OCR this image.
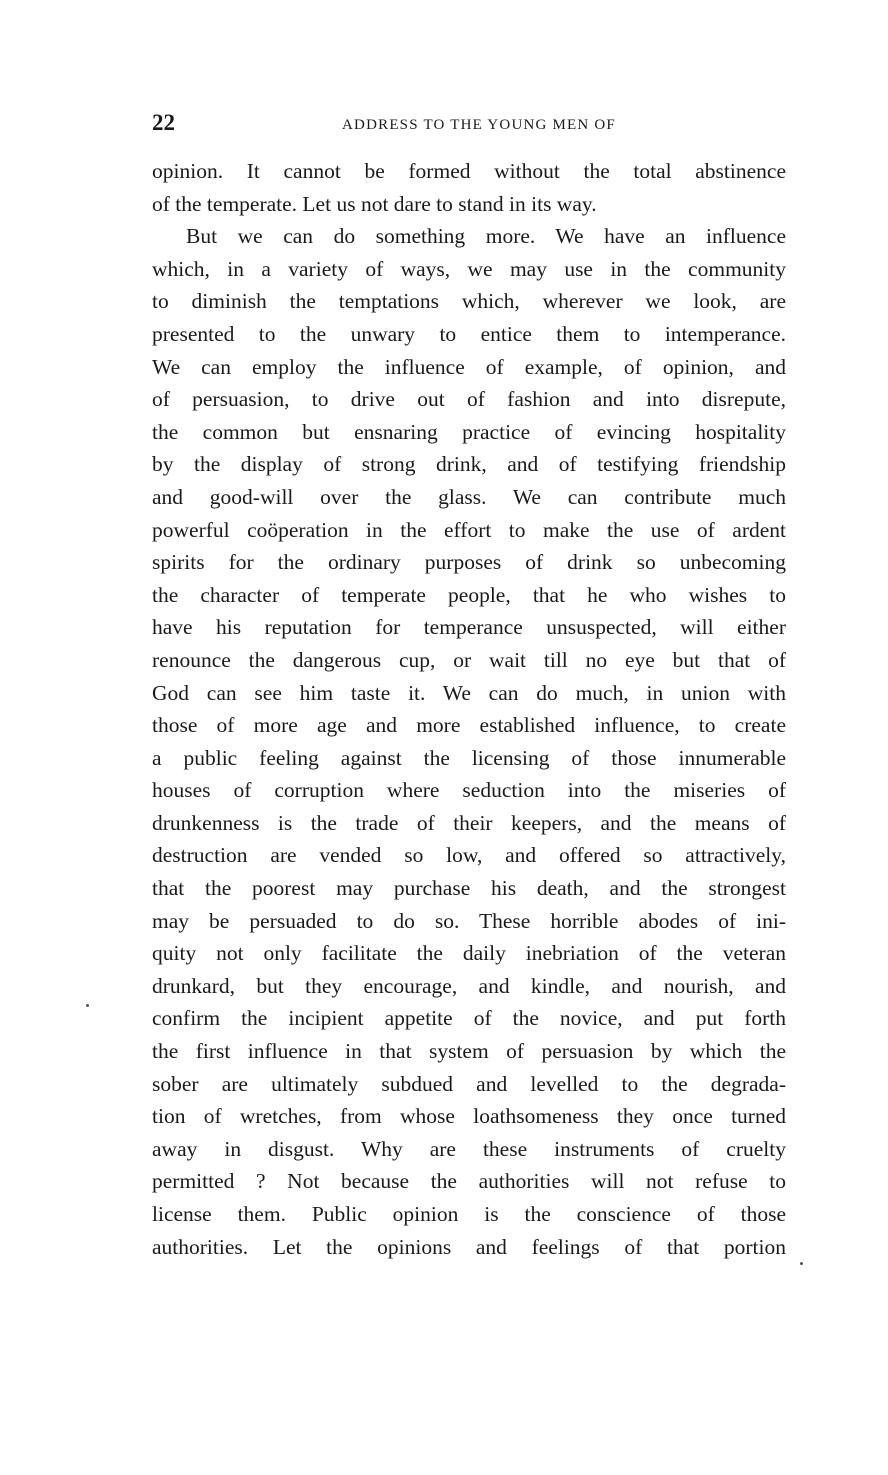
22	ADDRESS TO THE YOUNG MEN OF
opinion. It cannot be formed without the total abstinence
of the temperate. Let us not dare to stand in its way.
But we can do something more. We have an influence
which, in a variety of ways, we may use in the community
to diminish the temptations which, wherever we look, are
presented to the unwary to entice them to intemperance.
We can employ the influence of example, of opinion, and
of persuasion, to drive out of fashion and into disrepute,
the common but ensnaring practice of evincing hospitality
by the display of strong drink, and of testifying friendship
and good-will over the glass. We can contribute much
powerful coöperation in the effort to make the use of ardent
spirits for the ordinary purposes of drink so unbecoming
the character of temperate people, that he who wishes to
have his reputation for temperance unsuspected, will either
renounce the dangerous cup, or wait till no eye but that of
God can see him taste it. We can do much, in union with
those of more age and more established influence, to create
a public feeling against the licensing of those innumerable
houses of corruption where seduction into the miseries of
drunkenness is the trade of their keepers, and the means of
destruction are vended so low, and offered so attractively,
that the poorest may purchase his death, and the strongest
may be persuaded to do so. These horrible abodes of ini-
quity not only facilitate the daily inebriation of the veteran
drunkard, but they encourage, and kindle, and nourish, and
confirm the incipient appetite of the novice, and put forth
the first influence in that system of persuasion by which the
sober are ultimately subdued and levelled to the degrada-
tion of wretches, from whose loathsomeness they once turned
away in disgust. Why are these instruments of cruelty
permitted ? Not because the authorities will not refuse to
license them. Public opinion is the conscience of those
authorities. Let the opinions and feelings of that portion
